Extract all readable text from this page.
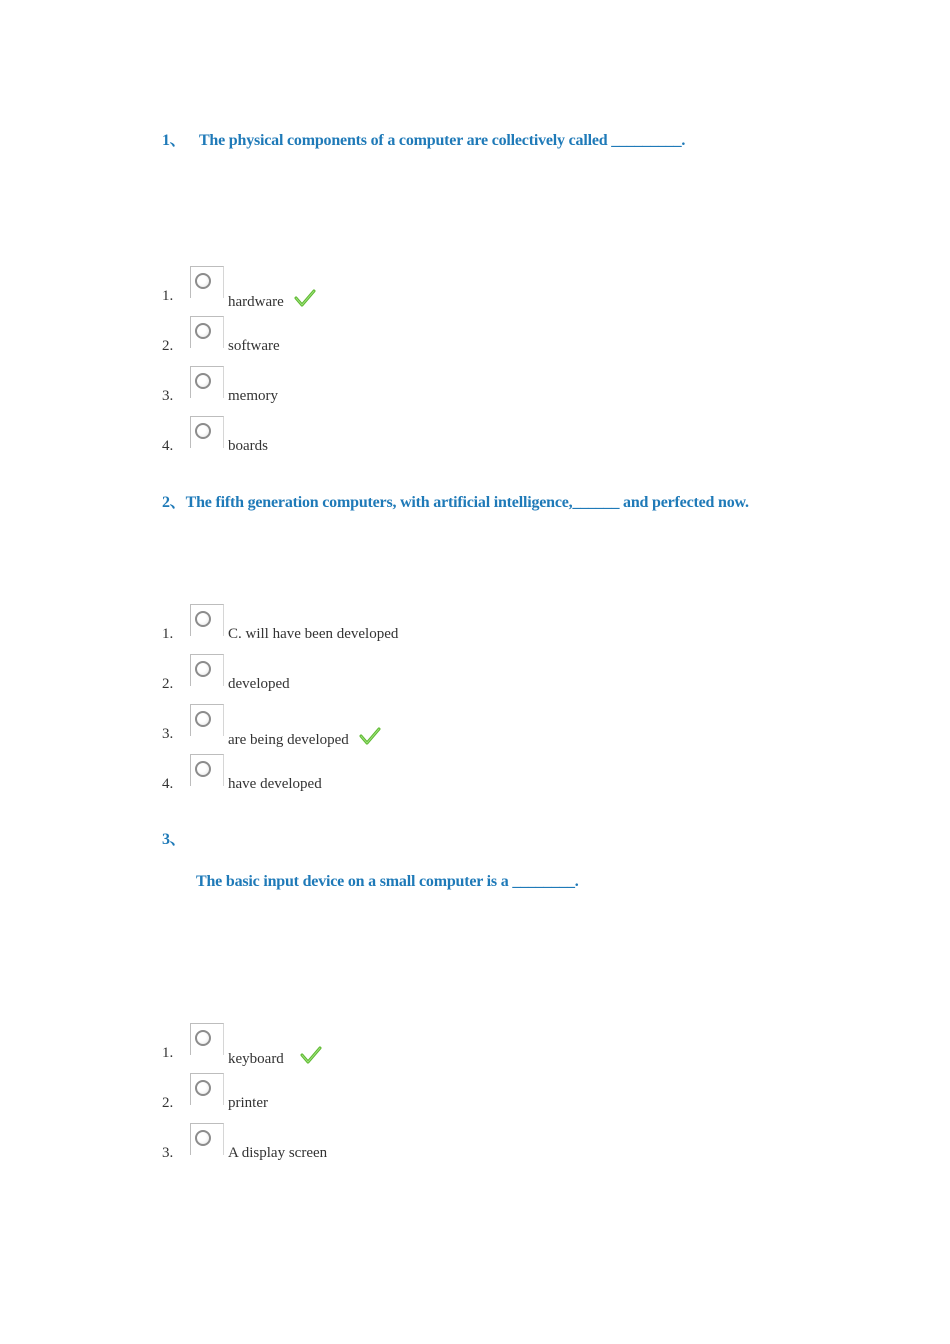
1、 The physical components of a computer are collectively called _________.

1.	hardware
2.	software
3.	memory
4.	boards

2、The fifth generation computers, with artificial intelligence,______ and perfected now.

1.	C. will have been developed
2.	developed
3.	are being developed
4.	have developed

3、

The basic input device on a small computer is a ________.

1.	keyboard
2.	printer
3.	A display screen
